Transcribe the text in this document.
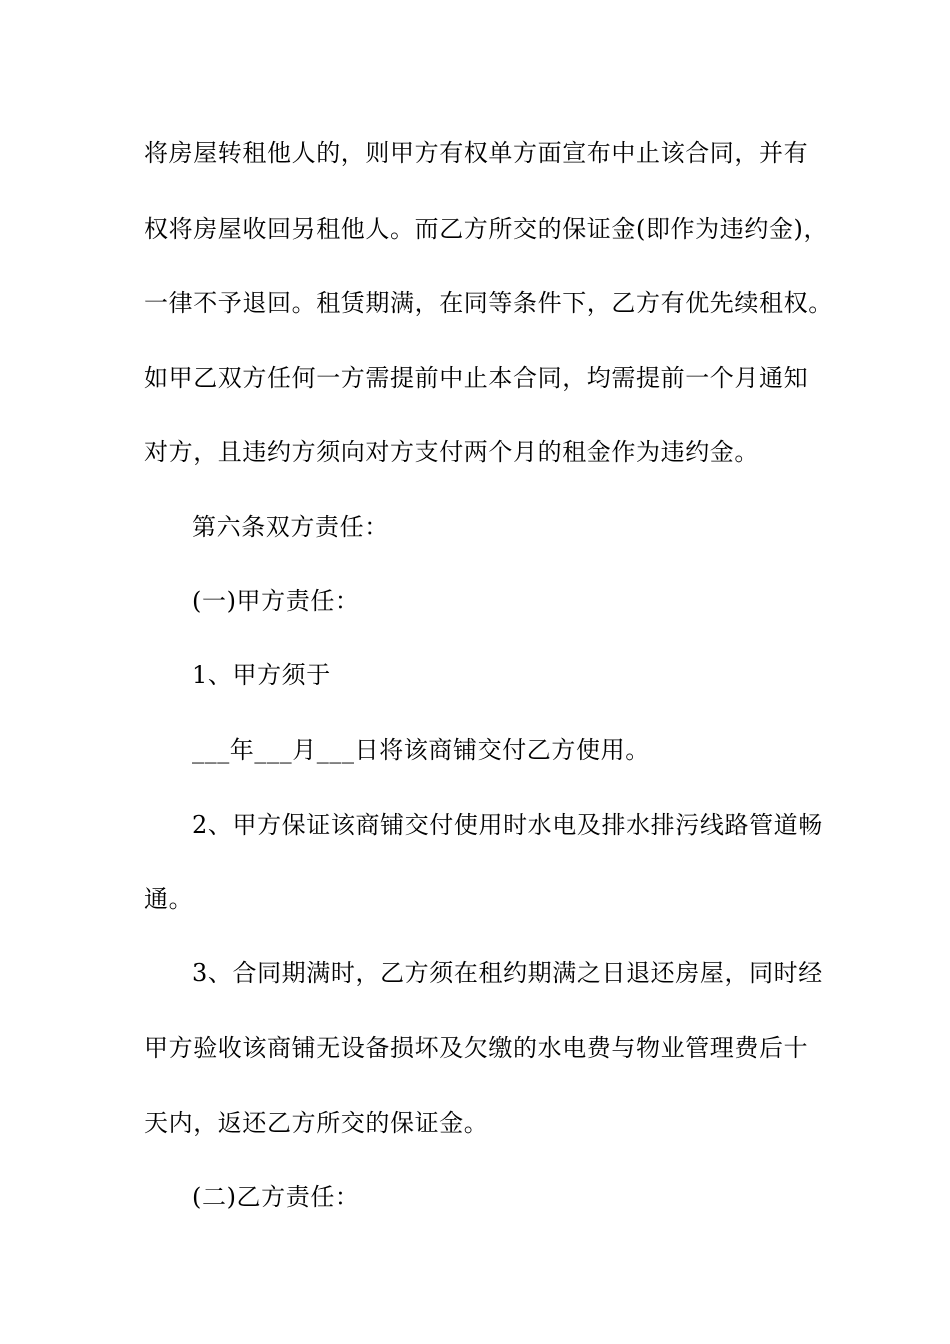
将房屋转租他人的，则甲方有权单方面宣布中止该合同，并有

权将房屋收回另租他人。而乙方所交的保证金(即作为违约金)，

一律不予退回。租赁期满，在同等条件下，乙方有优先续租权。

如甲乙双方任何一方需提前中止本合同，均需提前一个月通知

对方，且违约方须向对方支付两个月的租金作为违约金。

第六条双方责任：

(一)甲方责任：

1、甲方须于

___年___月___日将该商铺交付乙方使用。

2、甲方保证该商铺交付使用时水电及排水排污线路管道畅

通。

3、合同期满时，乙方须在租约期满之日退还房屋，同时经

甲方验收该商铺无设备损坏及欠缴的水电费与物业管理费后十

天内，返还乙方所交的保证金。

(二)乙方责任：
